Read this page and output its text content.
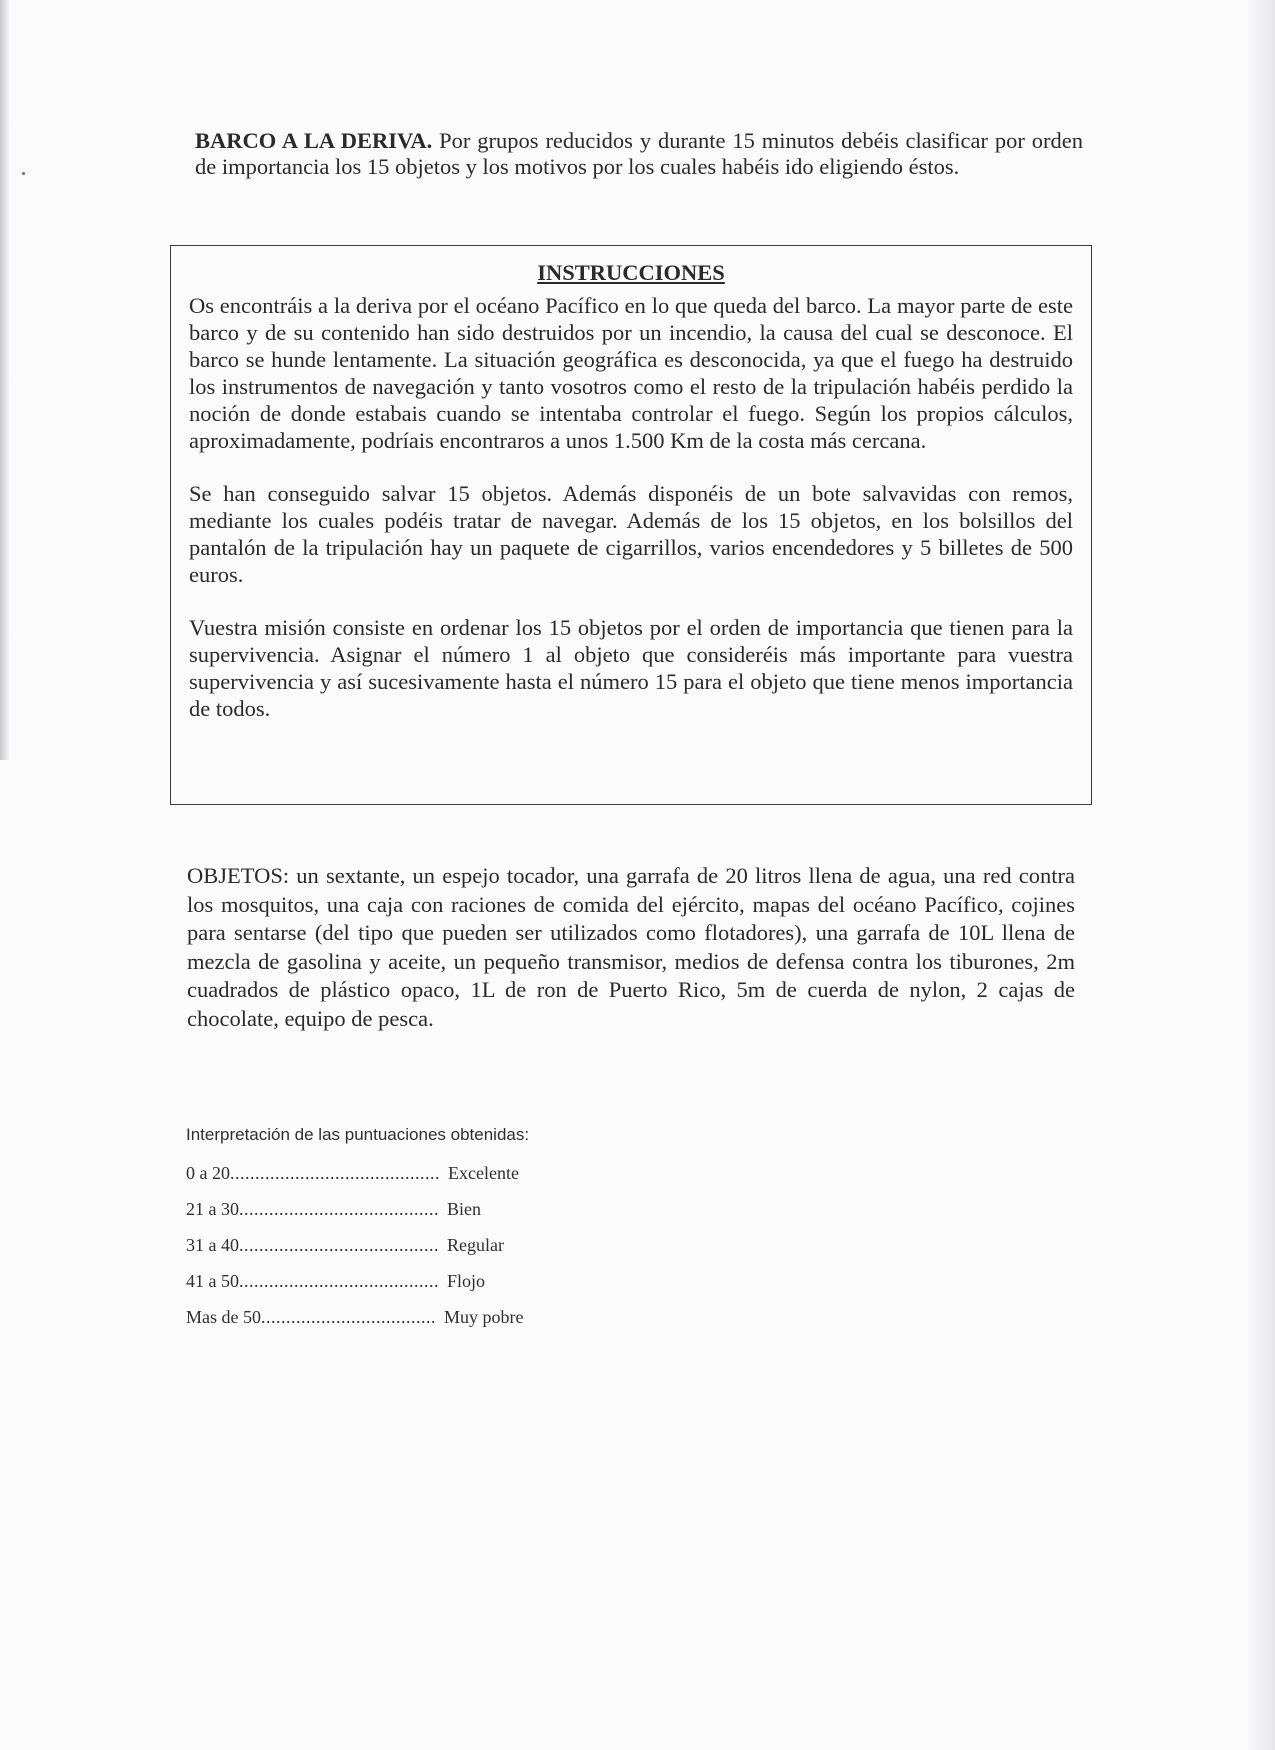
BARCO A LA DERIVA. Por grupos reducidos y durante 15 minutos debéis clasificar por orden de importancia los 15 objetos y los motivos por los cuales habéis ido eligiendo éstos.
INSTRUCCIONES

Os encontráis a la deriva por el océano Pacífico en lo que queda del barco. La mayor parte de este barco y de su contenido han sido destruidos por un incendio, la causa del cual se desconoce. El barco se hunde lentamente. La situación geográfica es desconocida, ya que el fuego ha destruido los instrumentos de navegación y tanto vosotros como el resto de la tripulación habéis perdido la noción de donde estabais cuando se intentaba controlar el fuego. Según los propios cálculos, aproximadamente, podríais encontraros a unos 1.500 Km de la costa más cercana.

Se han conseguido salvar 15 objetos. Además disponéis de un bote salvavidas con remos, mediante los cuales podéis tratar de navegar. Además de los 15 objetos, en los bolsillos del pantalón de la tripulación hay un paquete de cigarrillos, varios encendedores y 5 billetes de 500 euros.

Vuestra misión consiste en ordenar los 15 objetos por el orden de importancia que tienen para la supervivencia. Asignar el número 1 al objeto que consideréis más importante para vuestra supervivencia y así sucesivamente hasta el número 15 para el objeto que tiene menos importancia de todos.

OBJETOS: un sextante, un espejo tocador, una garrafa de 20 litros llena de agua, una red contra los mosquitos, una caja con raciones de comida del ejército, mapas del océano Pacífico, cojines para sentarse (del tipo que pueden ser utilizados como flotadores), una garrafa de 10L llena de mezcla de gasolina y aceite, un pequeño transmisor, medios de defensa contra los tiburones, 2m cuadrados de plástico opaco, 1L de ron de Puerto Rico, 5m de cuerda de nylon, 2 cajas de chocolate, equipo de pesca.
Interpretación de las puntuaciones obtenidas:
0 a 20 .......................................... Excelente
21 a 30 ........................................ Bien
31 a 40 ........................................ Regular
41 a 50 ........................................ Flojo
Mas de 50 ................................... Muy pobre
